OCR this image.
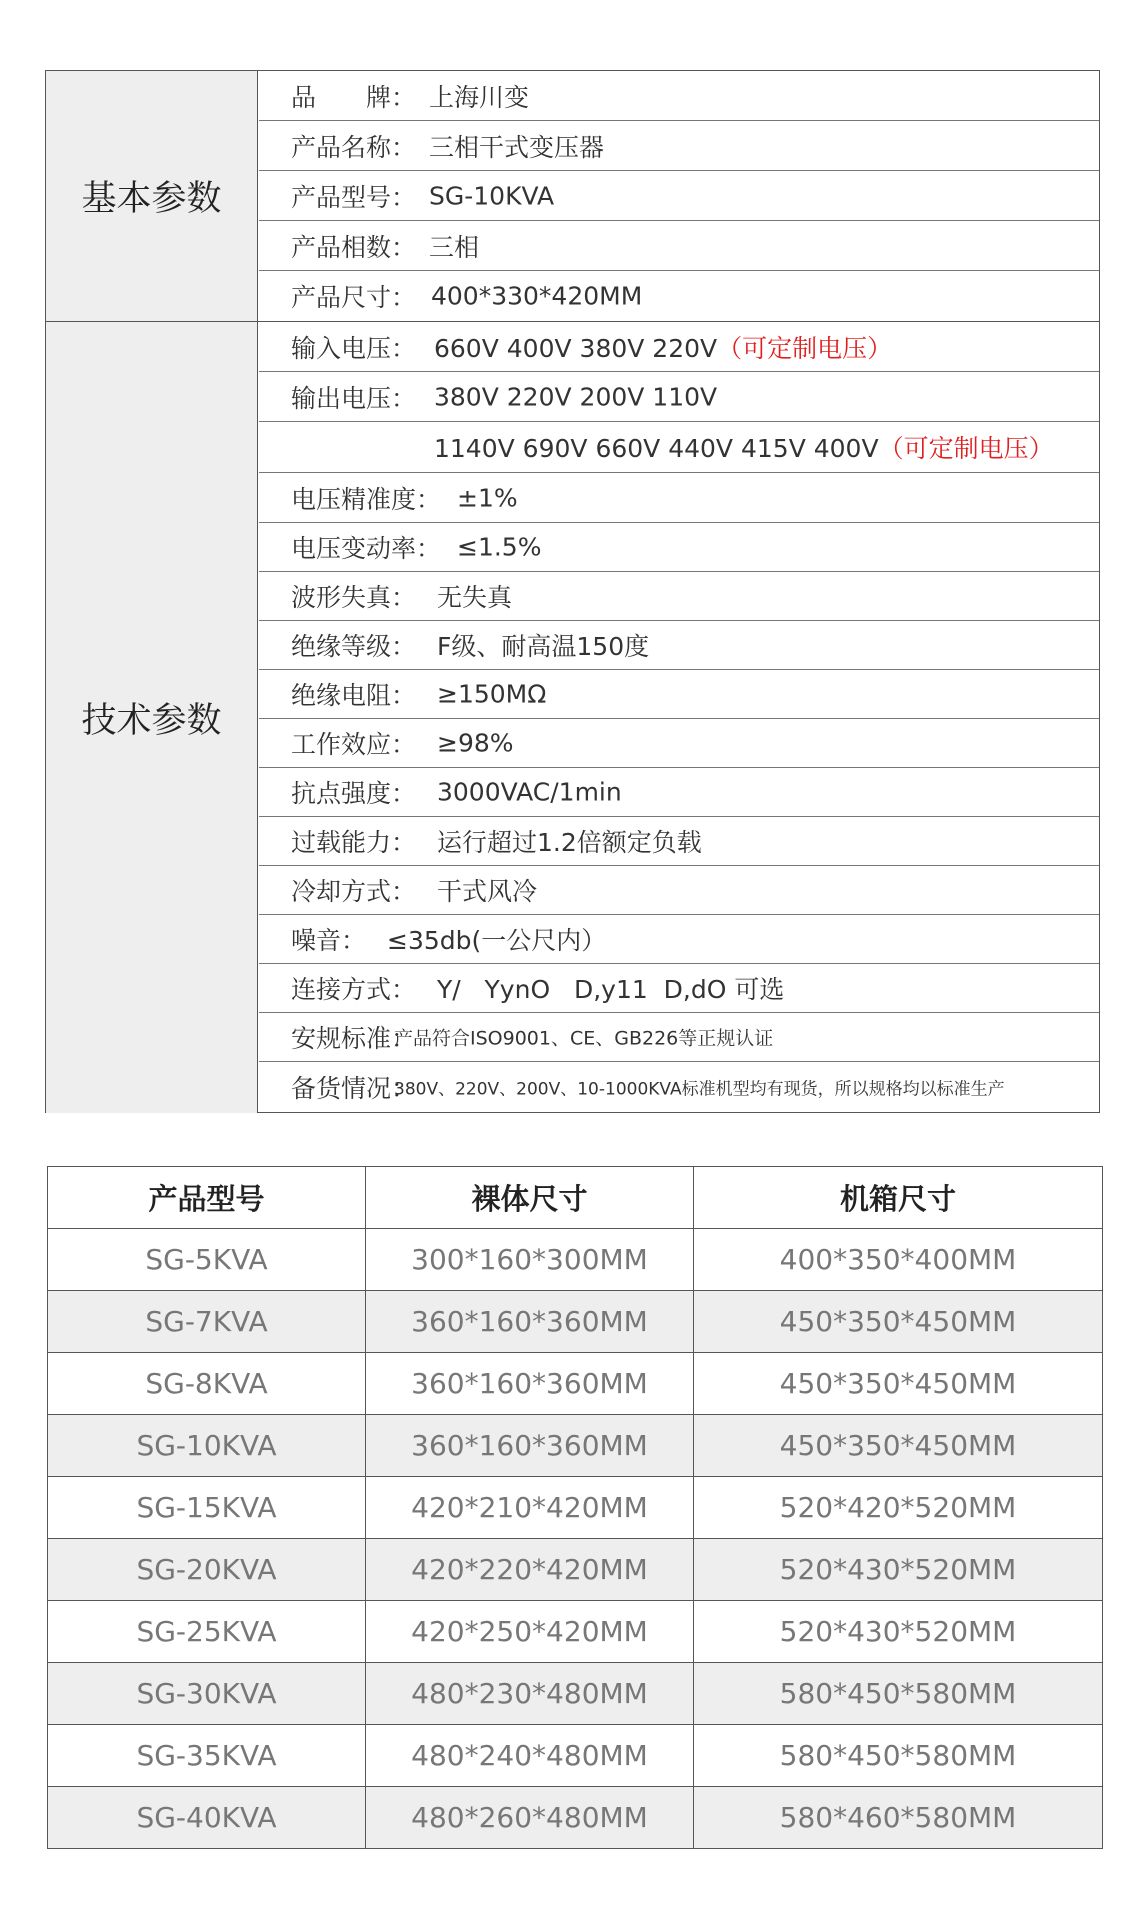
基本参数
品　　牌： 上海川变
产品名称： 三相干式变压器
产品型号： SG-10KVA
产品相数： 三相
产品尺寸： 400*330*420MM
技术参数
输入电压： 660V 400V 380V 220V（可定制电压）
输出电压： 380V 220V 200V 110V
1140V 690V 660V 440V 415V 400V（可定制电压）
电压精准度： ±1%
电压变动率： ≤1.5%
波形失真： 无失真
绝缘等级： F级、耐高温150度
绝缘电阻： ≥150MΩ
工作效应： ≥98%
抗点强度： 3000VAC/1min
过载能力： 运行超过1.2倍额定负载
冷却方式： 干式风冷
噪音： ≤35db(一公尺内）
连接方式： Y/   YynO   D,y11  D,dO 可选
安规标准：
产品符合ISO9001、CE、GB226等正规认证
备货情况：
380V、220V、200V、10-1000KVA标准机型均有现货，所以规格均以标准生产
产品型号	裸体尺寸	机箱尺寸
SG-5KVA	300*160*300MM	400*350*400MM
SG-7KVA	360*160*360MM	450*350*450MM
SG-8KVA	360*160*360MM	450*350*450MM
SG-10KVA	360*160*360MM	450*350*450MM
SG-15KVA	420*210*420MM	520*420*520MM
SG-20KVA	420*220*420MM	520*430*520MM
SG-25KVA	420*250*420MM	520*430*520MM
SG-30KVA	480*230*480MM	580*450*580MM
SG-35KVA	480*240*480MM	580*450*580MM
SG-40KVA	480*260*480MM	580*460*580MM
